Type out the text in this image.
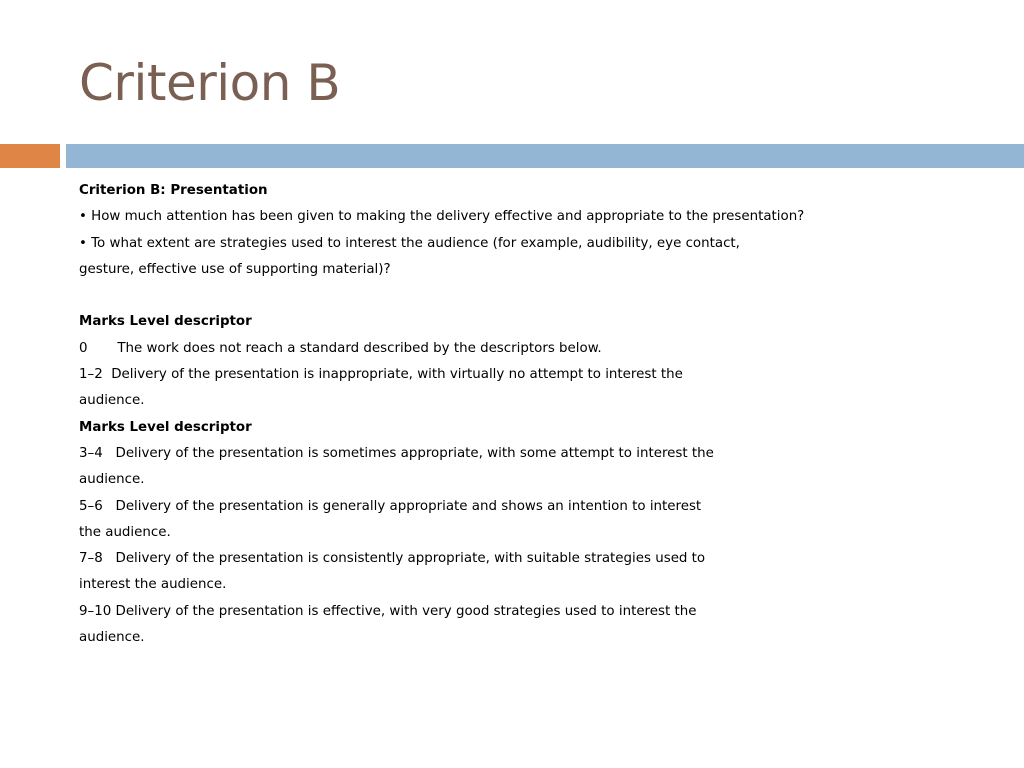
Criterion B
Criterion B: Presentation
• How much attention has been given to making the delivery effective and appropriate to the presentation?
• To what extent are strategies used to interest the audience (for example, audibility, eye contact,
gesture, effective use of supporting material)?
Marks Level descriptor
0       The work does not reach a standard described by the descriptors below.
1–2  Delivery of the presentation is inappropriate, with virtually no attempt to interest the
audience.
Marks Level descriptor
3–4   Delivery of the presentation is sometimes appropriate, with some attempt to interest the
audience.
5–6   Delivery of the presentation is generally appropriate and shows an intention to interest
the audience.
7–8   Delivery of the presentation is consistently appropriate, with suitable strategies used to
interest the audience.
9–10 Delivery of the presentation is effective, with very good strategies used to interest the
audience.
